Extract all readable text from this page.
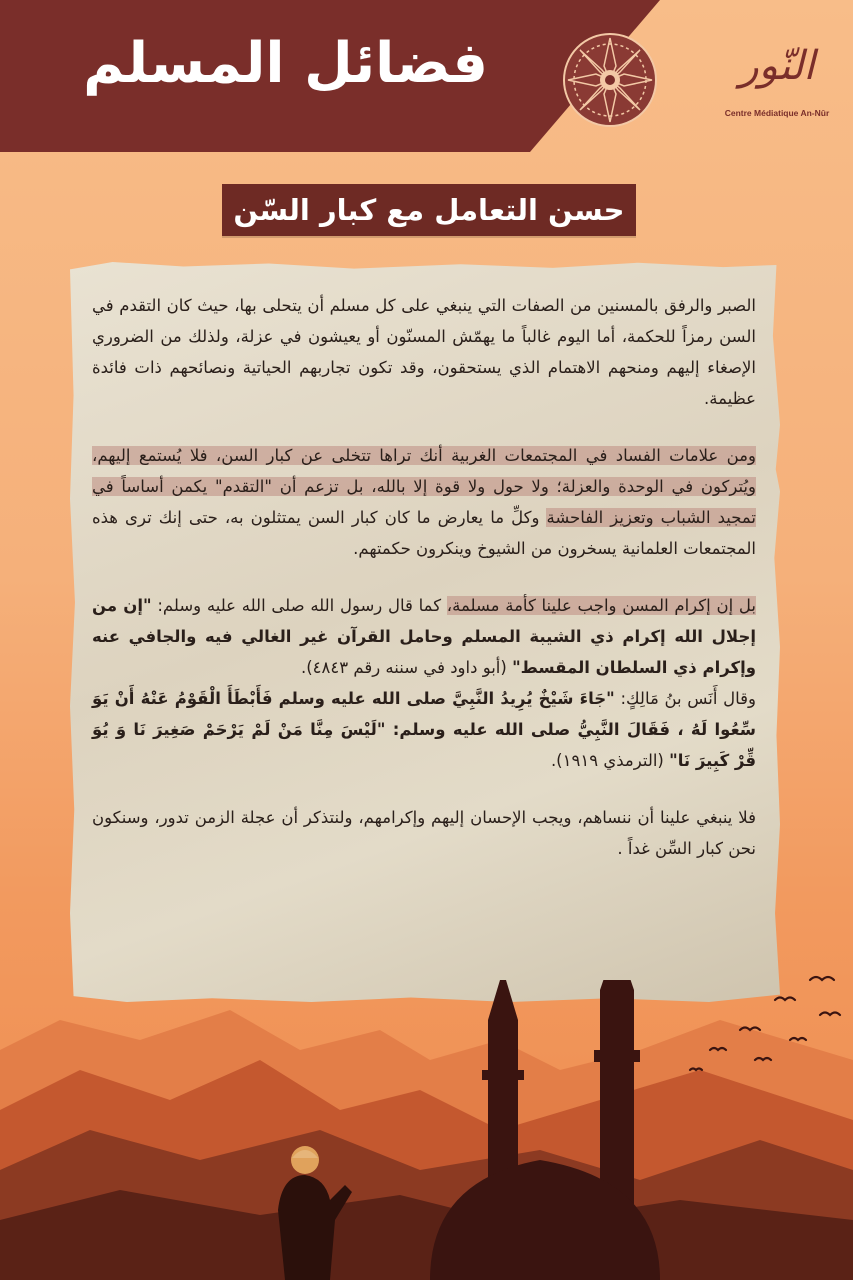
فضائل المسلم	النّور
Centre Médiatique An-Nûr
حسن التعامل مع كبار السّن

الصبر والرفق بالمسنين من الصفات التي ينبغي على كل مسلم أن يتحلى بها، حيث كان التقدم في السن رمزاً للحكمة، أما اليوم غالباً ما يهمّش المسنّون أو يعيشون في عزلة، ولذلك من الضروري الإصغاء إليهم ومنحهم الاهتمام الذي يستحقون، وقد تكون تجاربهم الحياتية ونصائحهم ذات فائدة عظيمة.

ومن علامات الفساد في المجتمعات الغربية أنك تراها تتخلى عن كبار السن، فلا يُستمع إليهم، ويُتركون في الوحدة والعزلة؛ ولا حول ولا قوة إلا بالله، بل تزعم أن "التقدم" يكمن أساساً في تمجيد الشباب وتعزيز الفاحشة وكلِّ ما يعارض ما كان كبار السن يمتثلون به، حتى إنك ترى هذه المجتمعات العلمانية يسخرون من الشيوخ وينكرون حكمتهم.

بل إن إكرام المسن واجب علينا كأمة مسلمة، كما قال رسول الله صلى الله عليه وسلم: "إن من إجلال الله إكرام ذي الشيبة المسلم وحامل القرآن غير الغالي فيه والجافي عنه وإكرام ذي السلطان المقسط" (أبو داود في سننه رقم ٤٨٤٣).

وقال أَنَس بنُ مَالِكٍ: "جَاءَ شَيْخٌ يُرِيدُ النَّبِيَّ صلى الله عليه وسلم فَأَبْطَأَ الْقَوْمُ عَنْهُ أَنْ يَوَ سِّعُوا لَهُ ، فَقَالَ النَّبِيُّ صلى الله عليه وسلم: "لَيْسَ مِنَّا مَنْ لَمْ يَرْحَمْ صَغِيرَ نَا وَ يُوَ قِّرْ كَبِيرَ نَا" (الترمذي ١٩١٩).

فلا ينبغي علينا أن ننساهم، ويجب الإحسان إليهم وإكرامهم، ولنتذكر أن عجلة الزمن تدور، وسنكون نحن كبار السِّن غداً .
